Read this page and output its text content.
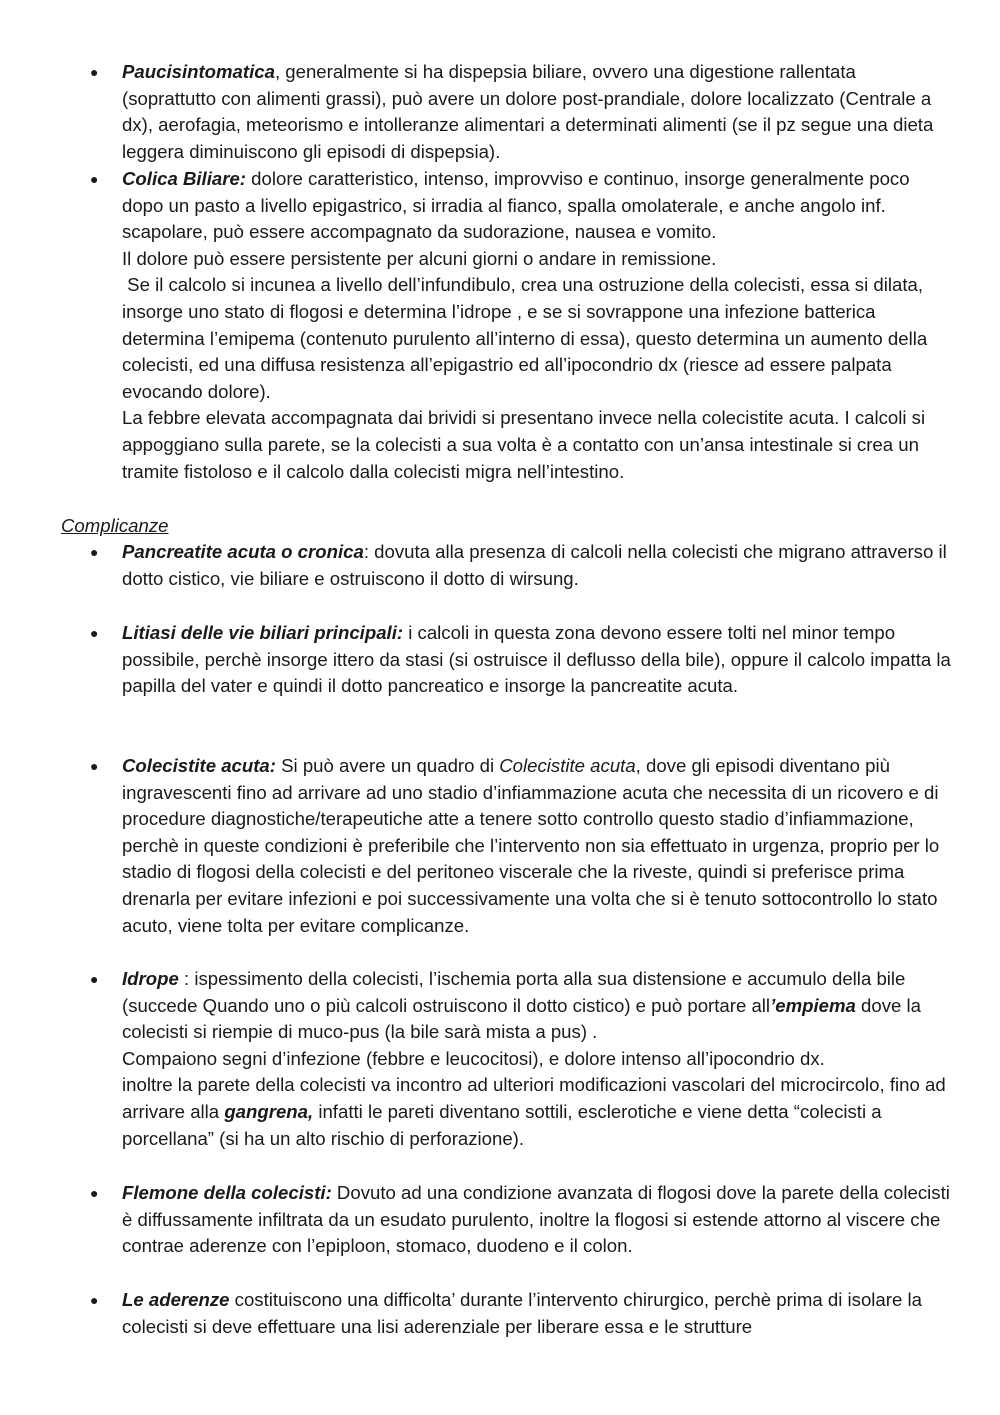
● Paucisintomatica, generalmente si ha dispepsia biliare, ovvero una digestione rallentata (soprattutto con alimenti grassi), può avere un dolore post-prandiale, dolore localizzato (Centrale a dx), aerofagia, meteorismo e intolleranze alimentari a determinati alimenti (se il pz segue una dieta leggera diminuiscono gli episodi di dispepsia).

● Colica Biliare: dolore caratteristico, intenso, improvviso e continuo, insorge generalmente poco dopo un pasto a livello epigastrico, si irradia al fianco, spalla omolaterale, e anche angolo inf. scapolare, può essere accompagnato da sudorazione, nausea e vomito.

Il dolore può essere persistente per alcuni giorni o andare in remissione.

Se il calcolo si incunea a livello dell’infundibulo, crea una ostruzione della colecisti, essa si dilata, insorge uno stato di flogosi e determina l’idrope , e se si sovrappone una infezione batterica determina l’emipema (contenuto purulento all’interno di essa), questo determina un aumento della colecisti, ed una diffusa resistenza all’epigastrio ed all’ipocondrio dx (riesce ad essere palpata evocando dolore).

La febbre elevata accompagnata dai brividi si presentano invece nella colecistite acuta. I calcoli si appoggiano sulla parete, se la colecisti a sua volta è a contatto con un’ansa intestinale si crea un tramite fistoloso e il calcolo dalla colecisti migra nell’intestino.

Complicanze
● Pancreatite acuta o cronica: dovuta alla presenza di calcoli nella colecisti che migrano attraverso il dotto cistico, vie biliare e ostruiscono il dotto di wirsung.

● Litiasi delle vie biliari principali: i calcoli in questa zona devono essere tolti nel minor tempo possibile, perchè insorge ittero da stasi (si ostruisce il deflusso della bile), oppure il calcolo impatta la papilla del vater e quindi il dotto pancreatico e insorge la pancreatite acuta.

● Colecistite acuta: Si può avere un quadro di Colecistite acuta, dove gli episodi diventano più ingravescenti fino ad arrivare ad uno stadio d’infiammazione acuta che necessita di un ricovero e di procedure diagnostiche/terapeutiche atte a tenere sotto controllo questo stadio d’infiammazione, perchè in queste condizioni è preferibile che l’intervento non sia effettuato in urgenza, proprio per lo stadio di flogosi della colecisti e del peritoneo viscerale che la riveste, quindi si preferisce prima drenarla per evitare infezioni e poi successivamente una volta che si è tenuto sottocontrollo lo stato acuto, viene tolta per evitare complicanze.

● Idrope : ispessimento della colecisti, l’ischemia porta alla sua distensione e accumulo della bile (succede Quando uno o più calcoli ostruiscono il dotto cistico) e può portare all’empiema dove la colecisti si riempie di muco-pus (la bile sarà mista a pus) .

Compaiono segni d’infezione (febbre e leucocitosi), e dolore intenso all’ipocondrio dx.

inoltre la parete della colecisti va incontro ad ulteriori modificazioni vascolari del microcircolo, fino ad arrivare alla gangrena, infatti le pareti diventano sottili, esclerotiche e viene detta “colecisti a porcellana” (si ha un alto rischio di perforazione).

● Flemone della colecisti: Dovuto ad una condizione avanzata di flogosi dove la parete della colecisti è diffussamente infiltrata da un esudato purulento, inoltre la flogosi si estende attorno al viscere che contrae aderenze con l’epiploon, stomaco, duodeno e il colon.

● Le aderenze costituiscono una difficolta’ durante l’intervento chirurgico, perchè prima di isolare la colecisti si deve effettuare una lisi aderenziale per liberare essa e le strutture
